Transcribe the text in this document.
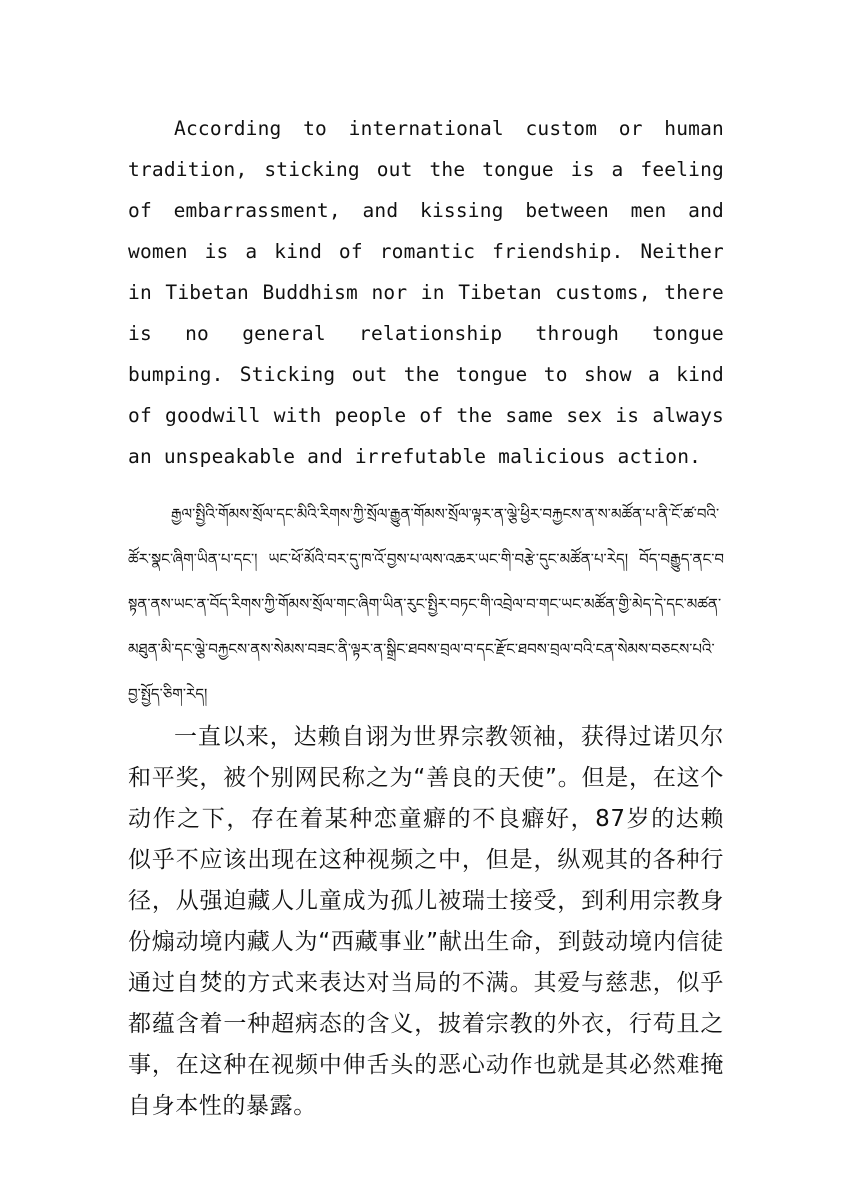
According to international custom or human tradition, sticking out the tongue is a feeling of embarrassment, and kissing between men and women is a kind of romantic friendship. Neither in Tibetan Buddhism nor in Tibetan customs, there is no general relationship through tongue bumping. Sticking out the tongue to show a kind of goodwill with people of the same sex is always an unspeakable and irrefutable malicious action.

རྒྱལ་སྤྱིའི་གོམས་སྲོལ་དང་མིའི་རིགས་ཀྱི་སྲོལ་རྒྱུན་གོམས་སྲོལ་ལྟར་ན་ལྕེ་ཕྱིར་བརྐྱངས་ན་ས་མཚོན་པ་ནི་ངོ་ཚ་བའི་ཚོར་སྣང་ཞིག་ཡིན་པ་དང་། ཡང་ཕོ་མོའི་བར་དུ་ཁ་འོ་བྱས་པ་ལས་འཆར་ཡང་གི་བརྩེ་དུང་མཚོན་པ་རེད། བོད་བརྒྱུད་ནང་བསྟན་ནས་ཡང་ན་བོད་རིགས་ཀྱི་གོམས་སྲོལ་གང་ཞིག་ཡིན་རུང་སྤྱིར་བཏང་གི་འབྲེལ་བ་གང་ཡང་མཚོན་གྱི་མེད་དེ་དང་མཚན་མཐུན་མི་དང་ལྕེ་བརྐྱངས་ནས་སེམས་བཟང་ནི་ལྟར་ན་སྒྲིང་ཐབས་བྲལ་བ་དང་རྫོང་ཐབས་བྲལ་བའི་ངན་སེམས་བཅངས་པའི་བྱ་སྤྱོད་ཅིག་རེད།

一直以来，达赖自诩为世界宗教领袖，获得过诺贝尔和平奖，被个别网民称之为“善良的天使”。但是，在这个动作之下，存在着某种恋童癖的不良癖好，87岁的达赖似乎不应该出现在这种视频之中，但是，纵观其的各种行径，从强迫藏人儿童成为孤儿被瑞士接受，到利用宗教身份煽动境内藏人为“西藏事业”献出生命，到鼓动境内信徒通过自焚的方式来表达对当局的不满。其爱与慈悲，似乎都蕴含着一种超病态的含义，披着宗教的外衣，行苟且之事，在这种在视频中伸舌头的恶心动作也就是其必然难掩自身本性的暴露。
